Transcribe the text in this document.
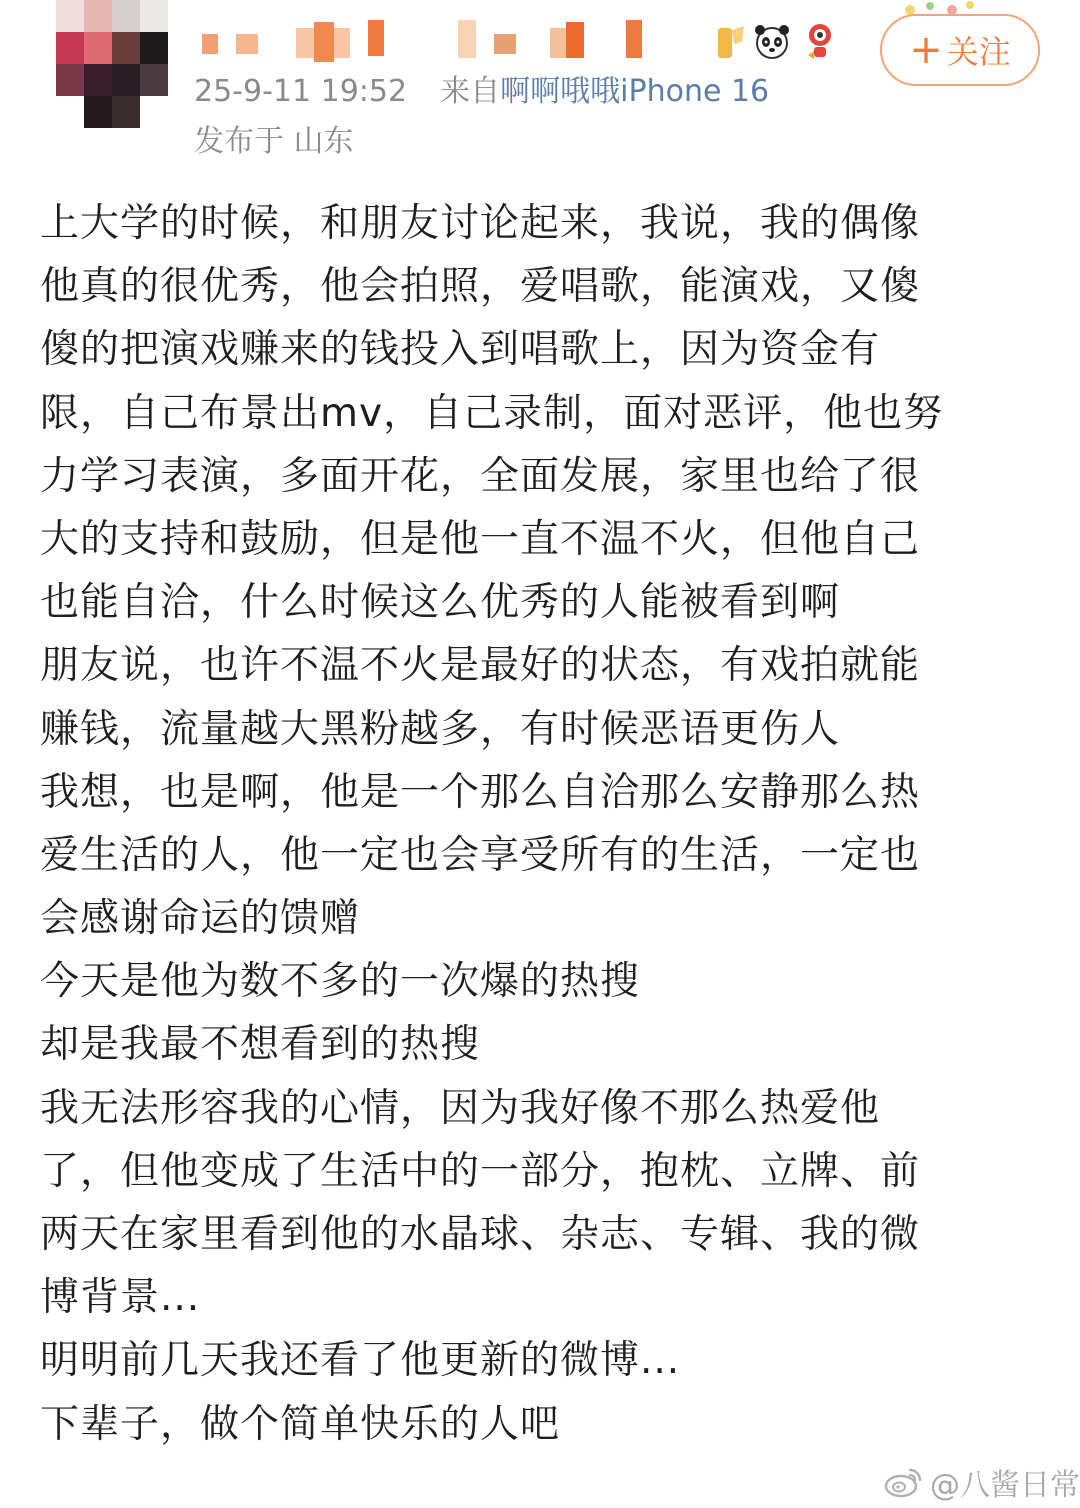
25-9-11 19:52 来自啊啊哦哦iPhone 16
发布于 山东
+ 关注
上大学的时候，和朋友讨论起来，我说，我的偶像
他真的很优秀，他会拍照，爱唱歌，能演戏，又傻
傻的把演戏赚来的钱投入到唱歌上，因为资金有
限，自己布景出mv，自己录制，面对恶评，他也努
力学习表演，多面开花，全面发展，家里也给了很
大的支持和鼓励，但是他一直不温不火，但他自己
也能自洽，什么时候这么优秀的人能被看到啊
朋友说，也许不温不火是最好的状态，有戏拍就能
赚钱，流量越大黑粉越多，有时候恶语更伤人
我想，也是啊，他是一个那么自洽那么安静那么热
爱生活的人，他一定也会享受所有的生活，一定也
会感谢命运的馈赠
今天是他为数不多的一次爆的热搜
却是我最不想看到的热搜
我无法形容我的心情，因为我好像不那么热爱他
了，但他变成了生活中的一部分，抱枕、立牌、前
两天在家里看到他的水晶球、杂志、专辑、我的微
博背景...
明明前几天我还看了他更新的微博...
下辈子，做个简单快乐的人吧
@八酱日常
